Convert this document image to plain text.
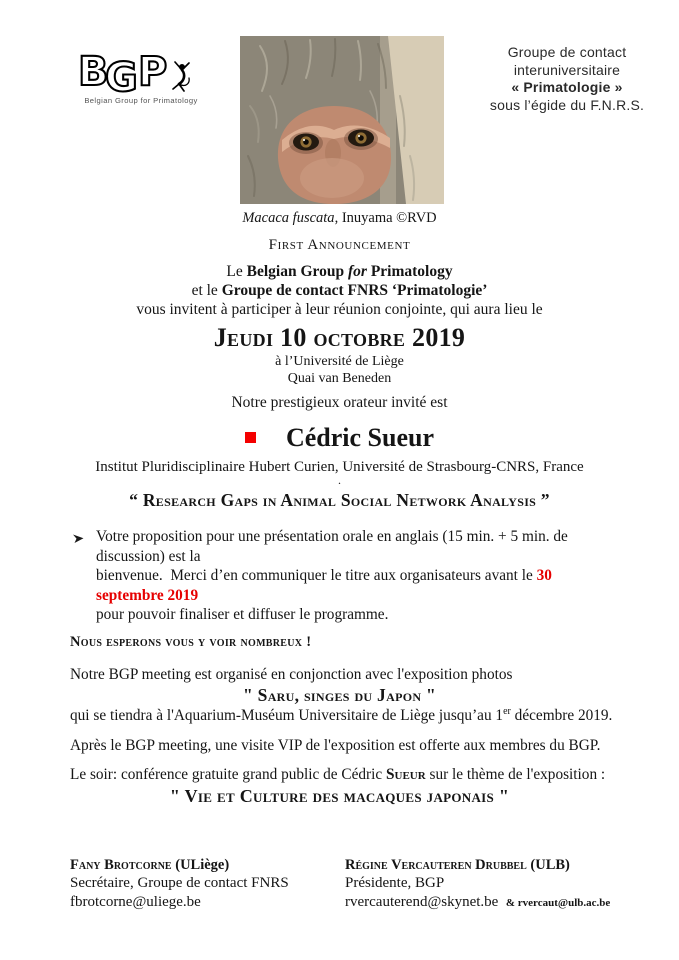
B
G P
Belgian Group for Primatology
Groupe de contact
interuniversitaire
« Primatologie »
sous l’égide du F.N.R.S.
Macaca fuscata, Inuyama ©RVD
First Announcement
Le Belgian Group for Primatology
et le Groupe de contact FNRS ‘Primatologie’
vous invitent à participer à leur réunion conjointe, qui aura lieu le
Jeudi 10 octobre 2019
à l’Université de Liège
Quai van Beneden
Notre prestigieux orateur invité est
Cédric Sueur
Institut Pluridisciplinaire Hubert Curien, Université de Strasbourg-CNRS, France
.
“ Research Gaps in Animal Social Network Analysis ”
Votre proposition pour une présentation orale en anglais (15 min. + 5 min. de discussion) est la
bienvenue.  Merci d’en communiquer le titre aux organisateurs avant le 30 septembre 2019
pour pouvoir finaliser et diffuser le programme.
Nous esperons vous y voir nombreux !
Notre BGP meeting est organisé en conjonction avec l'exposition photos
" Saru, singes du Japon "
qui se tiendra à l'Aquarium-Muséum Universitaire de Liège jusqu’au 1er décembre 2019.
Après le BGP meeting, une visite VIP de l'exposition est offerte aux membres du BGP.
Le soir: conférence gratuite grand public de Cédric Sueur sur le thème de l'exposition :
" Vie et Culture des macaques japonais "
Fany Brotcorne (ULiège)
Secrétaire, Groupe de contact FNRS
fbrotcorne@uliege.be
Régine Vercauteren Drubbel (ULB)
Présidente, BGP
rvercauterend@skynet.be & rvercaut@ulb.ac.be
